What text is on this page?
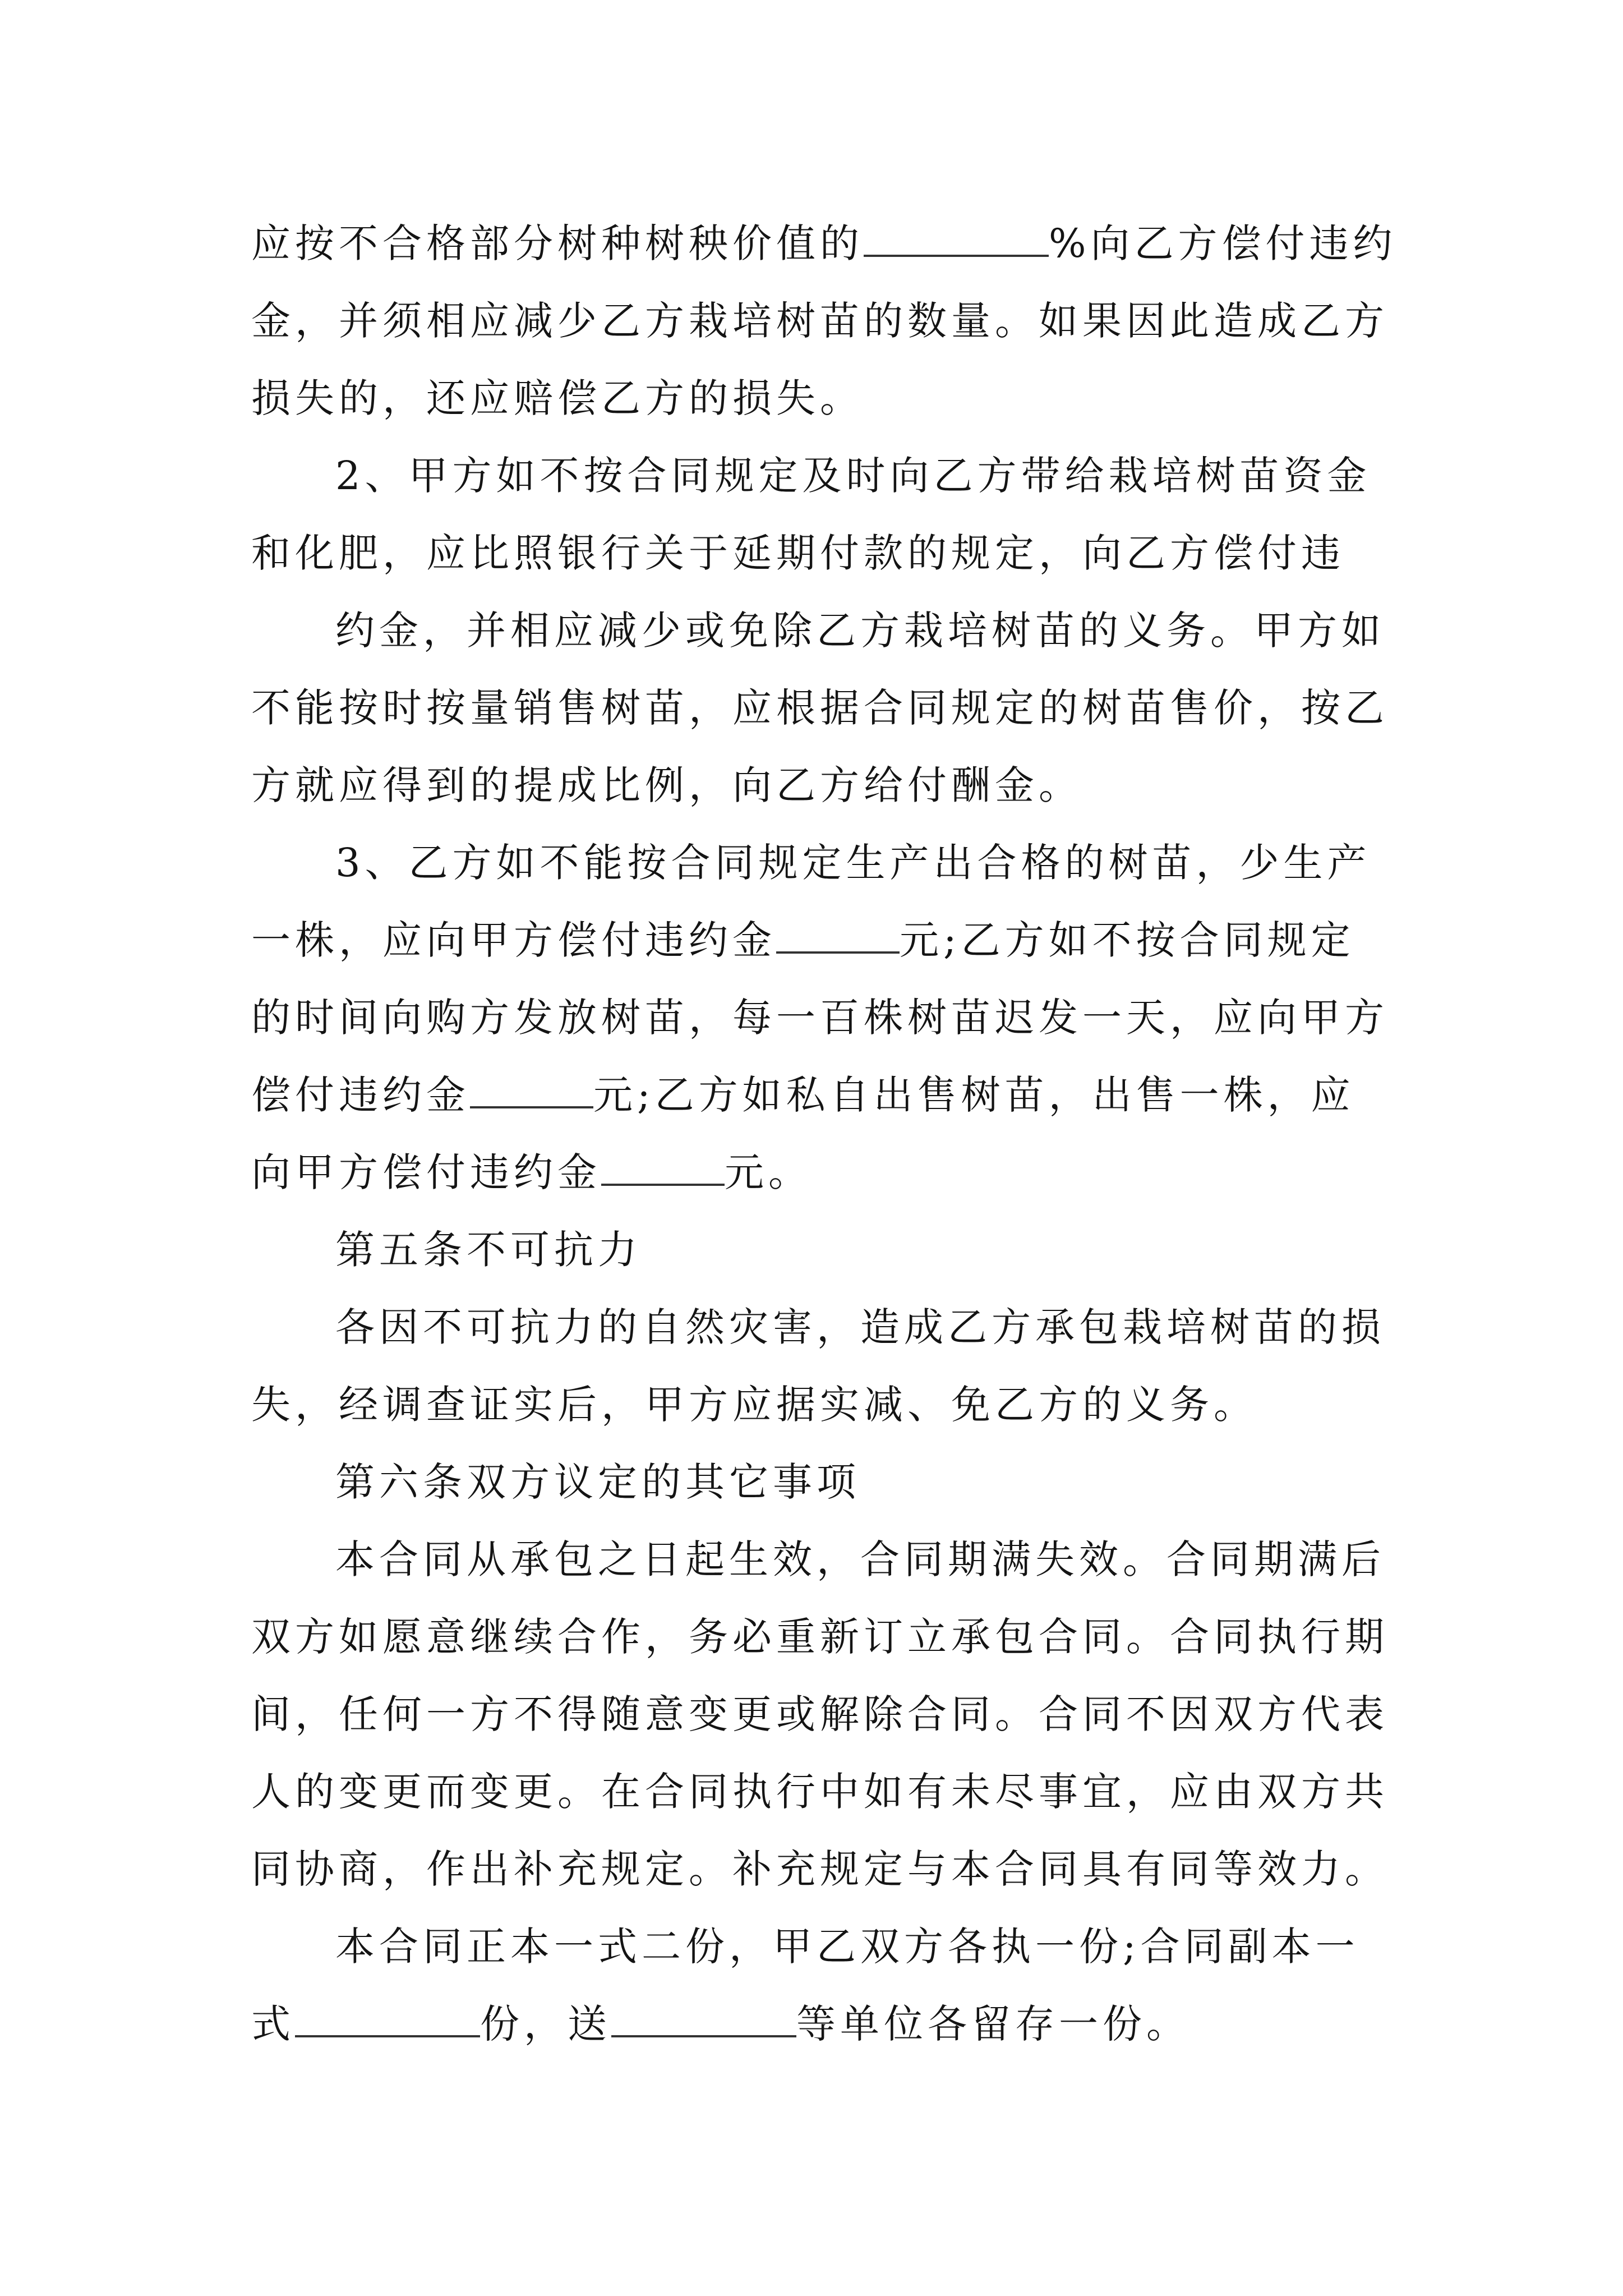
应按不合格部分树种树秧价值的	%向乙方偿付违约
金，并须相应减少乙方栽培树苗的数量。如果因此造成乙方
损失的，还应赔偿乙方的损失。
2、甲方如不按合同规定及时向乙方带给栽培树苗资金
和化肥，应比照银行关于延期付款的规定，向乙方偿付违
约金，并相应减少或免除乙方栽培树苗的义务。甲方如
不能按时按量销售树苗，应根据合同规定的树苗售价，按乙
方就应得到的提成比例，向乙方给付酬金。
3、乙方如不能按合同规定生产出合格的树苗，少生产
一株，应向甲方偿付违约金	元;乙方如不按合同规定
的时间向购方发放树苗，每一百株树苗迟发一天，应向甲方
偿付违约金	元;乙方如私自出售树苗，出售一株，应
向甲方偿付违约金	元。
第五条不可抗力
各因不可抗力的自然灾害，造成乙方承包栽培树苗的损
失，经调查证实后，甲方应据实减、免乙方的义务。
第六条双方议定的其它事项
本合同从承包之日起生效，合同期满失效。合同期满后
双方如愿意继续合作，务必重新订立承包合同。合同执行期
间，任何一方不得随意变更或解除合同。合同不因双方代表
人的变更而变更。在合同执行中如有未尽事宜，应由双方共
同协商，作出补充规定。补充规定与本合同具有同等效力。
本合同正本一式二份，甲乙双方各执一份;合同副本一
式	份，送	等单位各留存一份。
